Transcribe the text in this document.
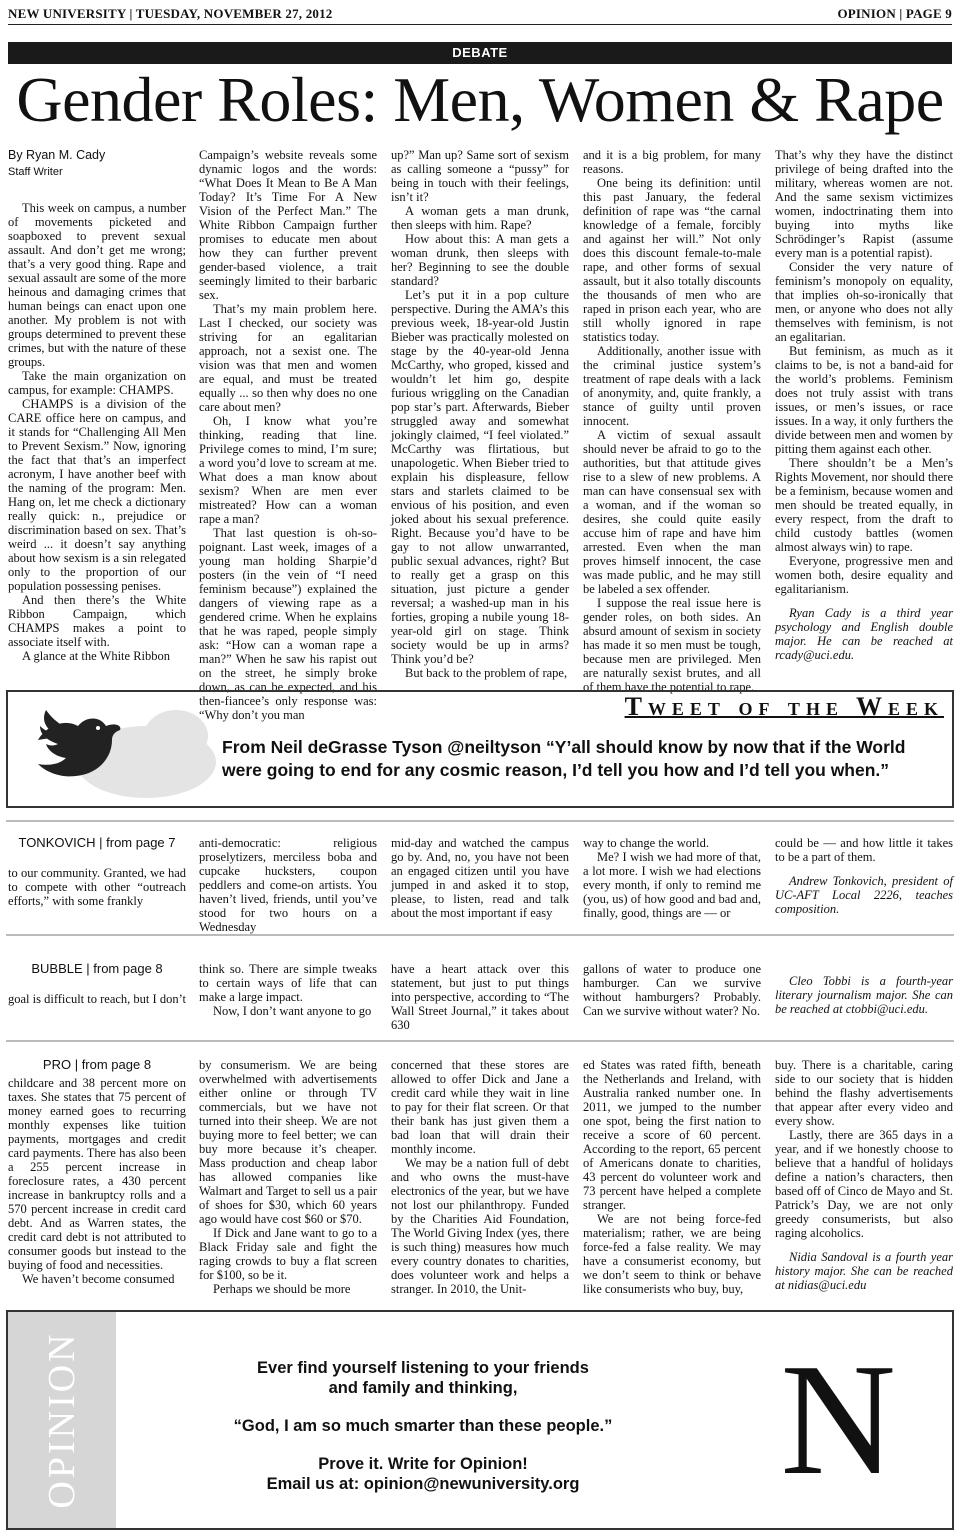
NEW UNIVERSITY | TUESDAY, NOVEMBER 27, 2012	OPINION | PAGE 9
DEBATE
Gender Roles: Men, Women & Rape

By Ryan M. Cady

Staff Writer

This week on campus, a number of movements picketed and soapboxed to prevent sexual assault. And don’t get me wrong; that’s a very good thing. Rape and sexual assault are some of the more heinous and damaging crimes that human beings can enact upon one another. My problem is not with groups determined to prevent these crimes, but with the nature of these groups.

Take the main organization on campus, for example: CHAMPS.

CHAMPS is a division of the CARE office here on campus, and it stands for “Challenging All Men to Prevent Sexism.” Now, ignoring the fact that that’s an imperfect acronym, I have another beef with the naming of the program: Men. Hang on, let me check a dictionary really quick: n., prejudice or discrimination based on sex. That’s weird ... it doesn’t say anything about how sexism is a sin relegated only to the proportion of our population possessing penises.

And then there’s the White Ribbon Campaign, which CHAMPS makes a point to associate itself with.

A glance at the White Ribbon

Campaign’s website reveals some dynamic logos and the words: “What Does It Mean to Be A Man Today? It’s Time For A New Vision of the Perfect Man.” The White Ribbon Campaign further promises to educate men about how they can further prevent gender-based violence, a trait seemingly limited to their barbaric sex.

That’s my main problem here. Last I checked, our society was striving for an egalitarian approach, not a sexist one. The vision was that men and women are equal, and must be treated equally ... so then why does no one care about men?

Oh, I know what you’re thinking, reading that line. Privilege comes to mind, I’m sure; a word you’d love to scream at me. What does a man know about sexism? When are men ever mistreated? How can a woman rape a man?

That last question is oh-so-poignant. Last week, images of a young man holding Sharpie’d posters (in the vein of “I need feminism because”) explained the dangers of viewing rape as a gendered crime. When he explains that he was raped, people simply ask: “How can a woman rape a man?” When he saw his rapist out on the street, he simply broke down, as can be expected, and his then-fiancee’s only response was: “Why don’t you man

up?” Man up? Same sort of sexism as calling someone a “pussy” for being in touch with their feelings, isn’t it?

A woman gets a man drunk, then sleeps with him. Rape?

How about this: A man gets a woman drunk, then sleeps with her? Beginning to see the double standard?

Let’s put it in a pop culture perspective. During the AMA’s this previous week, 18-year-old Justin Bieber was practically molested on stage by the 40-year-old Jenna McCarthy, who groped, kissed and wouldn’t let him go, despite furious wriggling on the Canadian pop star’s part. Afterwards, Bieber struggled away and somewhat jokingly claimed, “I feel violated.” McCarthy was flirtatious, but unapologetic. When Bieber tried to explain his displeasure, fellow stars and starlets claimed to be envious of his position, and even joked about his sexual preference. Right. Because you’d have to be gay to not allow unwarranted, public sexual advances, right? But to really get a grasp on this situation, just picture a gender reversal; a washed-up man in his forties, groping a nubile young 18-year-old girl on stage. Think society would be up in arms? Think you’d be?

But back to the problem of rape,

and it is a big problem, for many reasons.

One being its definition: until this past January, the federal definition of rape was “the carnal knowledge of a female, forcibly and against her will.” Not only does this discount female-to-male rape, and other forms of sexual assault, but it also totally discounts the thousands of men who are raped in prison each year, who are still wholly ignored in rape statistics today.

Additionally, another issue with the criminal justice system’s treatment of rape deals with a lack of anonymity, and, quite frankly, a stance of guilty until proven innocent.

A victim of sexual assault should never be afraid to go to the authorities, but that attitude gives rise to a slew of new problems. A man can have consensual sex with a woman, and if the woman so desires, she could quite easily accuse him of rape and have him arrested. Even when the man proves himself innocent, the case was made public, and he may still be labeled a sex offender.

I suppose the real issue here is gender roles, on both sides. An absurd amount of sexism in society has made it so men must be tough, because men are privileged. Men are naturally sexist brutes, and all of them have the potential to rape.

That’s why they have the distinct privilege of being drafted into the military, whereas women are not. And the same sexism victimizes women, indoctrinating them into buying into myths like Schrödinger’s Rapist (assume every man is a potential rapist).

Consider the very nature of feminism’s monopoly on equality, that implies oh-so-ironically that men, or anyone who does not ally themselves with feminism, is not an egalitarian.

But feminism, as much as it claims to be, is not a band-aid for the world’s problems. Feminism does not truly assist with trans issues, or men’s issues, or race issues. In a way, it only furthers the divide between men and women by pitting them against each other.

There shouldn’t be a Men’s Rights Movement, nor should there be a feminism, because women and men should be treated equally, in every respect, from the draft to child custody battles (women almost always win) to rape.

Everyone, progressive men and women both, desire equality and egalitarianism.

Ryan Cady is a third year psychology and English double major. He can be reached at rcady@uci.edu.

Tweet of the Week
From Neil deGrasse Tyson @neiltyson “Y’all should know by now that if the World were going to end for any cosmic reason, I’d tell you how and I’d tell you when.”

TONKOVICH | from page 7

to our community. Granted, we had to compete with other “outreach efforts,” with some frankly

anti-democratic: religious proselytizers, merciless boba and cupcake hucksters, coupon peddlers and come-on artists. You haven’t lived, friends, until you’ve stood for two hours on a Wednesday

mid-day and watched the campus go by. And, no, you have not been an engaged citizen until you have jumped in and asked it to stop, please, to listen, read and talk about the most important if easy

way to change the world.

Me? I wish we had more of that, a lot more. I wish we had elections every month, if only to remind me (you, us) of how good and bad and, finally, good, things are — or

could be — and how little it takes to be a part of them.

Andrew Tonkovich, president of UC-AFT Local 2226, teaches composition.

BUBBLE | from page 8

goal is difficult to reach, but I don’t

think so. There are simple tweaks to certain ways of life that can make a large impact.

Now, I don’t want anyone to go

have a heart attack over this statement, but just to put things into perspective, according to “The Wall Street Journal,” it takes about 630

gallons of water to produce one hamburger. Can we survive without hamburgers? Probably. Can we survive without water? No.

Cleo Tobbi is a fourth-year literary journalism major. She can be reached at ctobbi@uci.edu.

PRO | from page 8

childcare and 38 percent more on taxes. She states that 75 percent of money earned goes to recurring monthly expenses like tuition payments, mortgages and credit card payments. There has also been a 255 percent increase in foreclosure rates, a 430 percent increase in bankruptcy rolls and a 570 percent increase in credit card debt. And as Warren states, the credit card debt is not attributed to consumer goods but instead to the buying of food and necessities.

We haven’t become consumed

by consumerism. We are being overwhelmed with advertisements either online or through TV commercials, but we have not turned into their sheep. We are not buying more to feel better; we can buy more because it’s cheaper. Mass production and cheap labor has allowed companies like Walmart and Target to sell us a pair of shoes for $30, which 60 years ago would have cost $60 or $70.

If Dick and Jane want to go to a Black Friday sale and fight the raging crowds to buy a flat screen for $100, so be it.

Perhaps we should be more

concerned that these stores are allowed to offer Dick and Jane a credit card while they wait in line to pay for their flat screen. Or that their bank has just given them a bad loan that will drain their monthly income.

We may be a nation full of debt and who owns the must-have electronics of the year, but we have not lost our philanthropy. Funded by the Charities Aid Foundation, The World Giving Index (yes, there is such thing) measures how much every country donates to charities, does volunteer work and helps a stranger. In 2010, the Unit-

ed States was rated fifth, beneath the Netherlands and Ireland, with Australia ranked number one. In 2011, we jumped to the number one spot, being the first nation to receive a score of 60 percent. According to the report, 65 percent of Americans donate to charities, 43 percent do volunteer work and 73 percent have helped a complete stranger.

We are not being force-fed materialism; rather, we are being force-fed a false reality. We may have a consumerist economy, but we don’t seem to think or behave like consumerists who buy, buy,

buy. There is a charitable, caring side to our society that is hidden behind the flashy advertisements that appear after every video and every show.

Lastly, there are 365 days in a year, and if we honestly choose to believe that a handful of holidays define a nation’s characters, then based off of Cinco de Mayo and St. Patrick’s Day, we are not only greedy consumerists, but also raging alcoholics.

Nidia Sandoval is a fourth year history major. She can be reached at nidias@uci.edu

OPINION	Ever find yourself listening to your friends
and family and thinking,
“God, I am so much smarter than these people.”
Prove it. Write for Opinion!
Email us at: opinion@newuniversity.org	N
